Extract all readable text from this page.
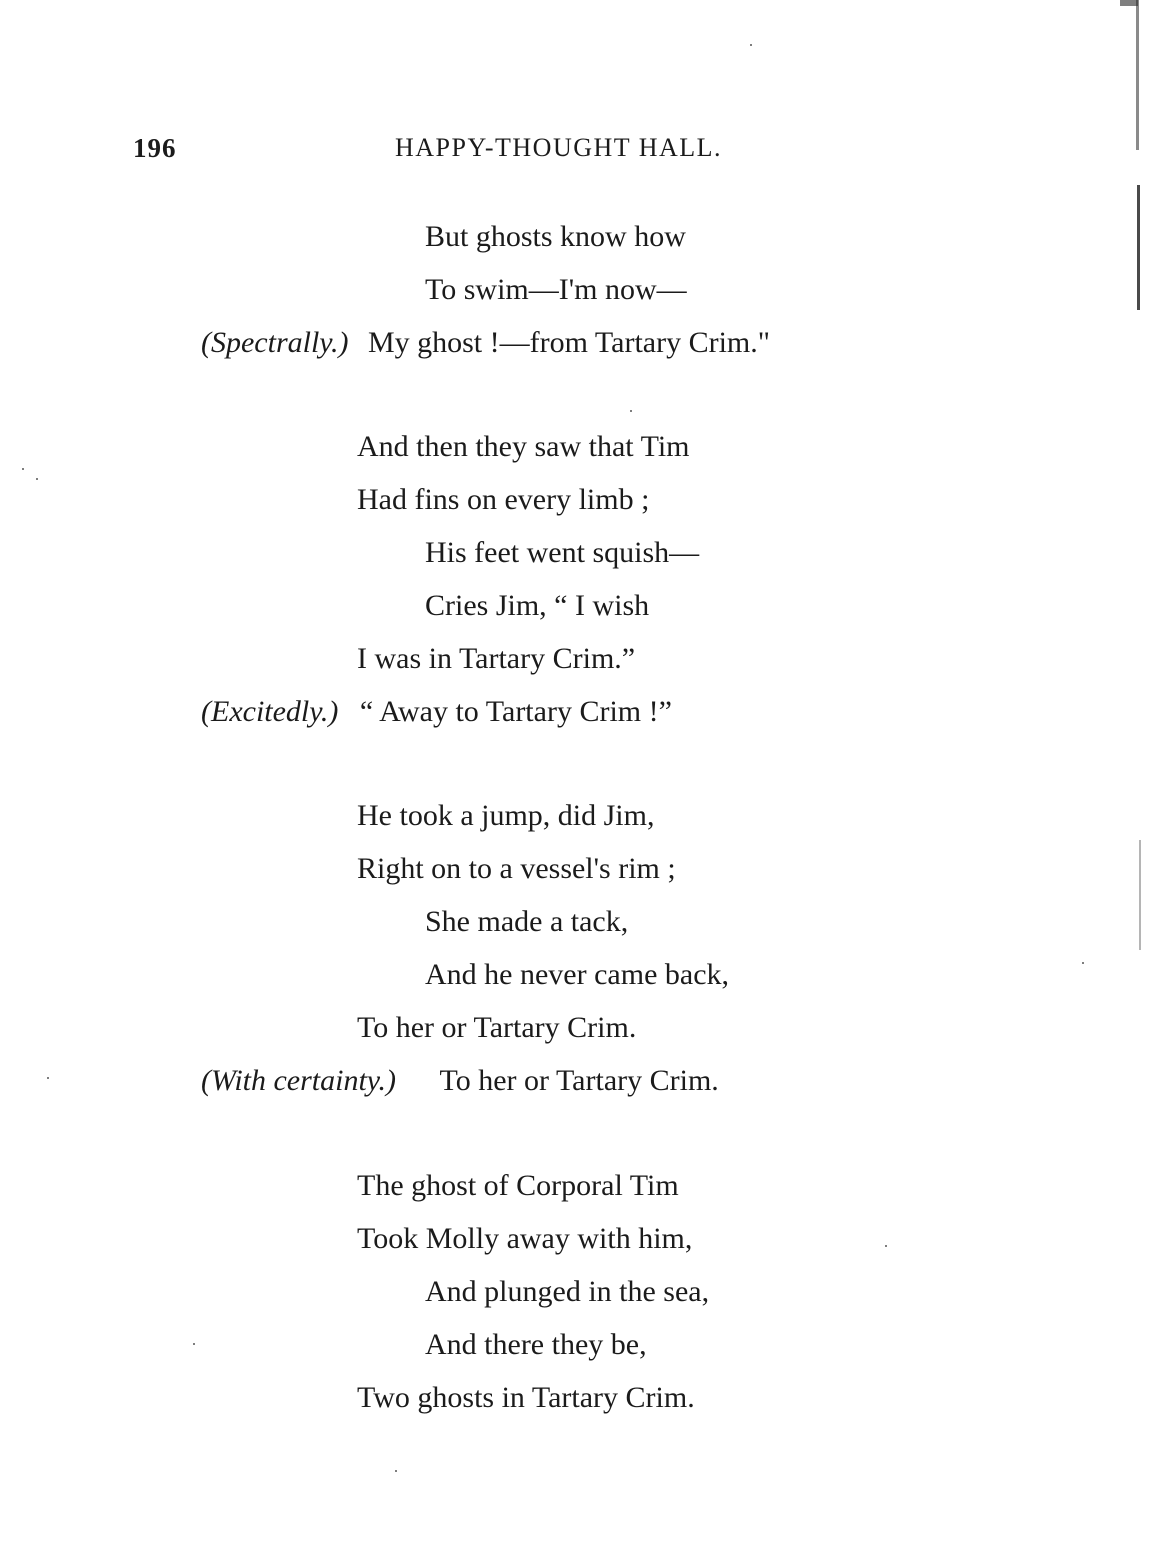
196	HAPPY-THOUGHT HALL.
But ghosts know how
To swim—I'm now—
(Spectrally.) My ghost !—from Tartary Crim."
And then they saw that Tim
Had fins on every limb ;
His feet went squish—
Cries Jim, “ I wish
I was in Tartary Crim.”
(Excitedly.) “ Away to Tartary Crim !”
He took a jump, did Jim,
Right on to a vessel's rim ;
She made a tack,
And he never came back,
To her or Tartary Crim.
(With certainty.) To her or Tartary Crim.
The ghost of Corporal Tim
Took Molly away with him,
And plunged in the sea,
And there they be,
Two ghosts in Tartary Crim.
